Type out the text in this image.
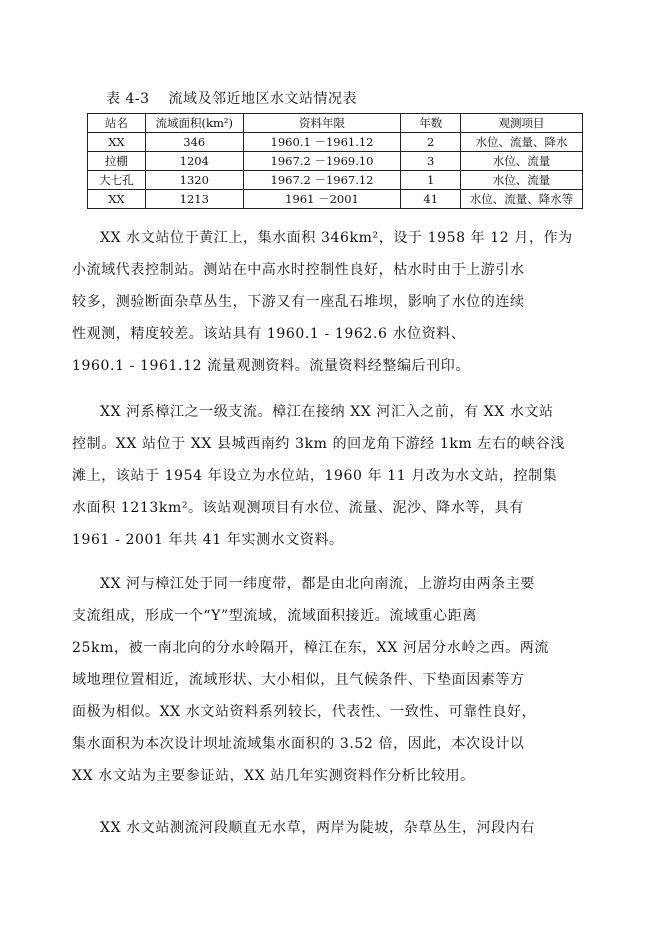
表 4-3 流域及邻近地区水文站情况表
站名	流域面积(km²)	资料年限	年数	观测项目
XX	346	1960.1 －1961.12	2	水位、流量、降水
拉棚	1204	1967.2 －1969.10	3	水位、流量
大七孔	1320	1967.2 －1967.12	1	水位、流量
XX	1213	1961 －2001	41	水位、流量、降水等
XX 水文站位于黄江上，集水面积 346km²，设于 1958 年 12 月，作为
小流域代表控制站。测站在中高水时控制性良好，枯水时由于上游引水
较多，测验断面杂草丛生，下游又有一座乱石堆坝，影响了水位的连续
性观测，精度较差。该站具有 1960.1 - 1962.6 水位资料、
1960.1 - 1961.12 流量观测资料。流量资料经整编后刊印。
XX 河系樟江之一级支流。樟江在接纳 XX 河汇入之前，有 XX 水文站
控制。XX 站位于 XX 县城西南约 3km 的回龙角下游经 1km 左右的峡谷浅
滩上，该站于 1954 年设立为水位站，1960 年 11 月改为水文站，控制集
水面积 1213km²。该站观测项目有水位、流量、泥沙、降水等，具有
1961 - 2001 年共 41 年实测水文资料。
XX 河与樟江处于同一纬度带，都是由北向南流，上游均由两条主要
支流组成，形成一个“Y”型流域，流域面积接近。流域重心距离
25km，被一南北向的分水岭隔开，樟江在东，XX 河居分水岭之西。两流
域地理位置相近，流域形状、大小相似，且气候条件、下垫面因素等方
面极为相似。XX 水文站资料系列较长，代表性、一致性、可靠性良好，
集水面积为本次设计坝址流域集水面积的 3.52 倍，因此，本次设计以
XX 水文站为主要参证站，XX 站几年实测资料作分析比较用。
XX 水文站测流河段顺直无水草，两岸为陡坡，杂草丛生，河段内右
